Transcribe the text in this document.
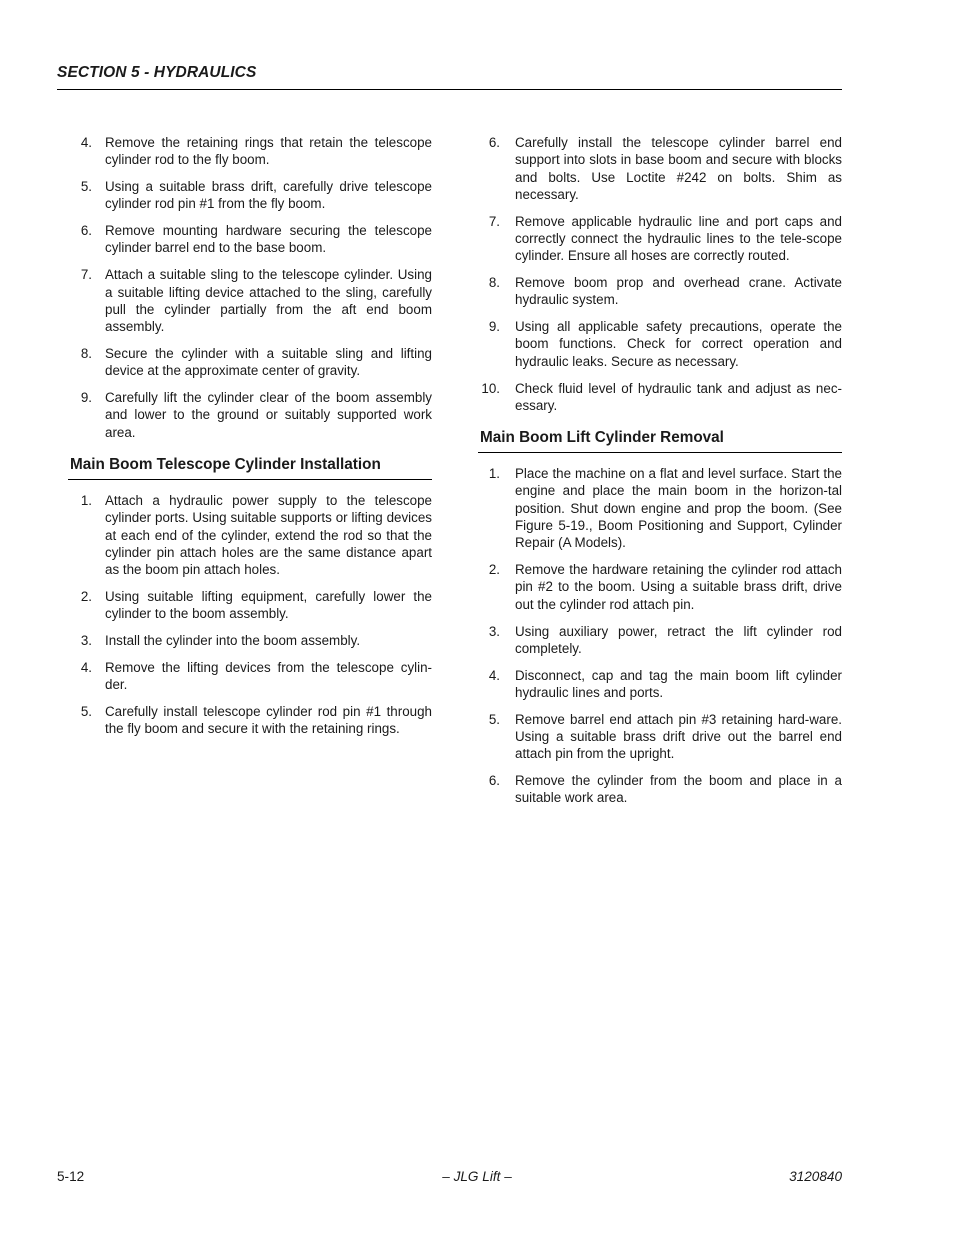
SECTION 5 - HYDRAULICS
4. Remove the retaining rings that retain the telescope cylinder rod to the fly boom.
5. Using a suitable brass drift, carefully drive telescope cylinder rod pin #1 from the fly boom.
6. Remove mounting hardware securing the telescope cylinder barrel end to the base boom.
7. Attach a suitable sling to the telescope cylinder. Using a suitable lifting device attached to the sling, carefully pull the cylinder partially from the aft end boom assembly.
8. Secure the cylinder with a suitable sling and lifting device at the approximate center of gravity.
9. Carefully lift the cylinder clear of the boom assembly and lower to the ground or suitably supported work area.
Main Boom Telescope Cylinder Installation
1. Attach a hydraulic power supply to the telescope cylinder ports. Using suitable supports or lifting devices at each end of the cylinder, extend the rod so that the cylinder pin attach holes are the same distance apart as the boom pin attach holes.
2. Using suitable lifting equipment, carefully lower the cylinder to the boom assembly.
3. Install the cylinder into the boom assembly.
4. Remove the lifting devices from the telescope cylin-der.
5. Carefully install telescope cylinder rod pin #1 through the fly boom and secure it with the retaining rings.
6. Carefully install the telescope cylinder barrel end support into slots in base boom and secure with blocks and bolts. Use Loctite #242 on bolts. Shim as necessary.
7. Remove applicable hydraulic line and port caps and correctly connect the hydraulic lines to the tele-scope cylinder. Ensure all hoses are correctly routed.
8. Remove boom prop and overhead crane. Activate hydraulic system.
9. Using all applicable safety precautions, operate the boom functions. Check for correct operation and hydraulic leaks. Secure as necessary.
10. Check fluid level of hydraulic tank and adjust as nec-essary.
Main Boom Lift Cylinder Removal
1. Place the machine on a flat and level surface. Start the engine and place the main boom in the horizon-tal position. Shut down engine and prop the boom. (See Figure 5-19., Boom Positioning and Support, Cylinder Repair (A Models).
2. Remove the hardware retaining the cylinder rod attach pin #2 to the boom. Using a suitable brass drift, drive out the cylinder rod attach pin.
3. Using auxiliary power, retract the lift cylinder rod completely.
4. Disconnect, cap and tag the main boom lift cylinder hydraulic lines and ports.
5. Remove barrel end attach pin #3 retaining hard-ware. Using a suitable brass drift drive out the barrel end attach pin from the upright.
6. Remove the cylinder from the boom and place in a suitable work area.
5-12	– JLG Lift –	3120840
